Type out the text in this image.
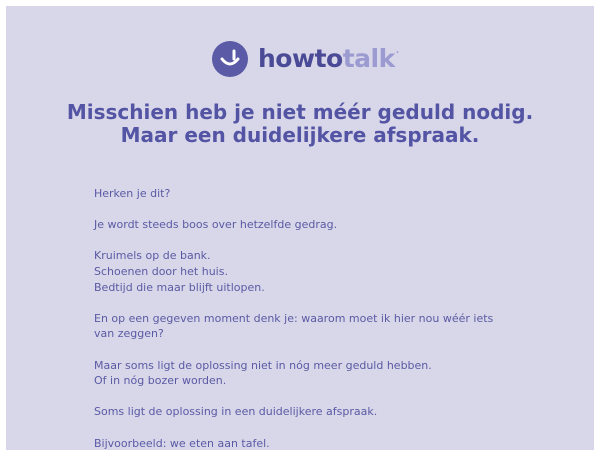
howtotalk.
Misschien heb je niet méér geduld nodig.
Maar een duidelijkere afspraak.

Herken je dit?

Je wordt steeds boos over hetzelfde gedrag.

Kruimels op de bank.
Schoenen door het huis.
Bedtijd die maar blijft uitlopen.

En op een gegeven moment denk je: waarom moet ik hier nou wéér iets van zeggen?

Maar soms ligt de oplossing niet in nóg meer geduld hebben.
Of in nóg bozer worden.

Soms ligt de oplossing in een duidelijkere afspraak.

Bijvoorbeeld: we eten aan tafel.
